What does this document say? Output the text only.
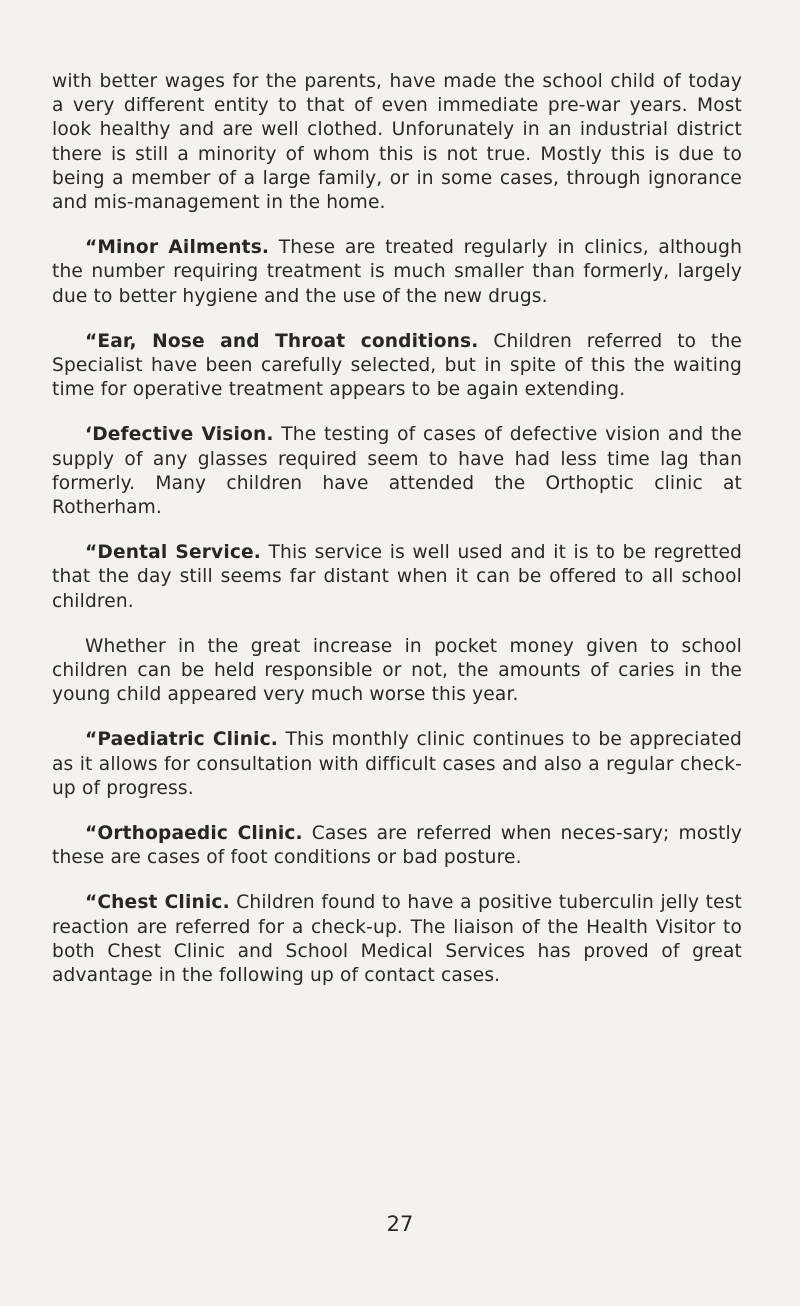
with better wages for the parents, have made the school child of today a very different entity to that of even immediate pre-war years. Most look healthy and are well clothed. Unforunately in an industrial district there is still a minority of whom this is not true. Mostly this is due to being a member of a large family, or in some cases, through ignorance and mis-management in the home.

“Minor Ailments. These are treated regularly in clinics, although the number requiring treatment is much smaller than formerly, largely due to better hygiene and the use of the new drugs.

“Ear, Nose and Throat conditions. Children referred to the Specialist have been carefully selected, but in spite of this the waiting time for operative treatment appears to be again extending.

‘Defective Vision. The testing of cases of defective vision and the supply of any glasses required seem to have had less time lag than formerly. Many children have attended the Orthoptic clinic at Rotherham.

“Dental Service. This service is well used and it is to be regretted that the day still seems far distant when it can be offered to all school children.

Whether in the great increase in pocket money given to school children can be held responsible or not, the amounts of caries in the young child appeared very much worse this year.

“Paediatric Clinic. This monthly clinic continues to be appreciated as it allows for consultation with difficult cases and also a regular check-up of progress.

“Orthopaedic Clinic. Cases are referred when neces-sary; mostly these are cases of foot conditions or bad posture.

“Chest Clinic. Children found to have a positive tuberculin jelly test reaction are referred for a check-up. The liaison of the Health Visitor to both Chest Clinic and School Medical Services has proved of great advantage in the following up of contact cases.

27
